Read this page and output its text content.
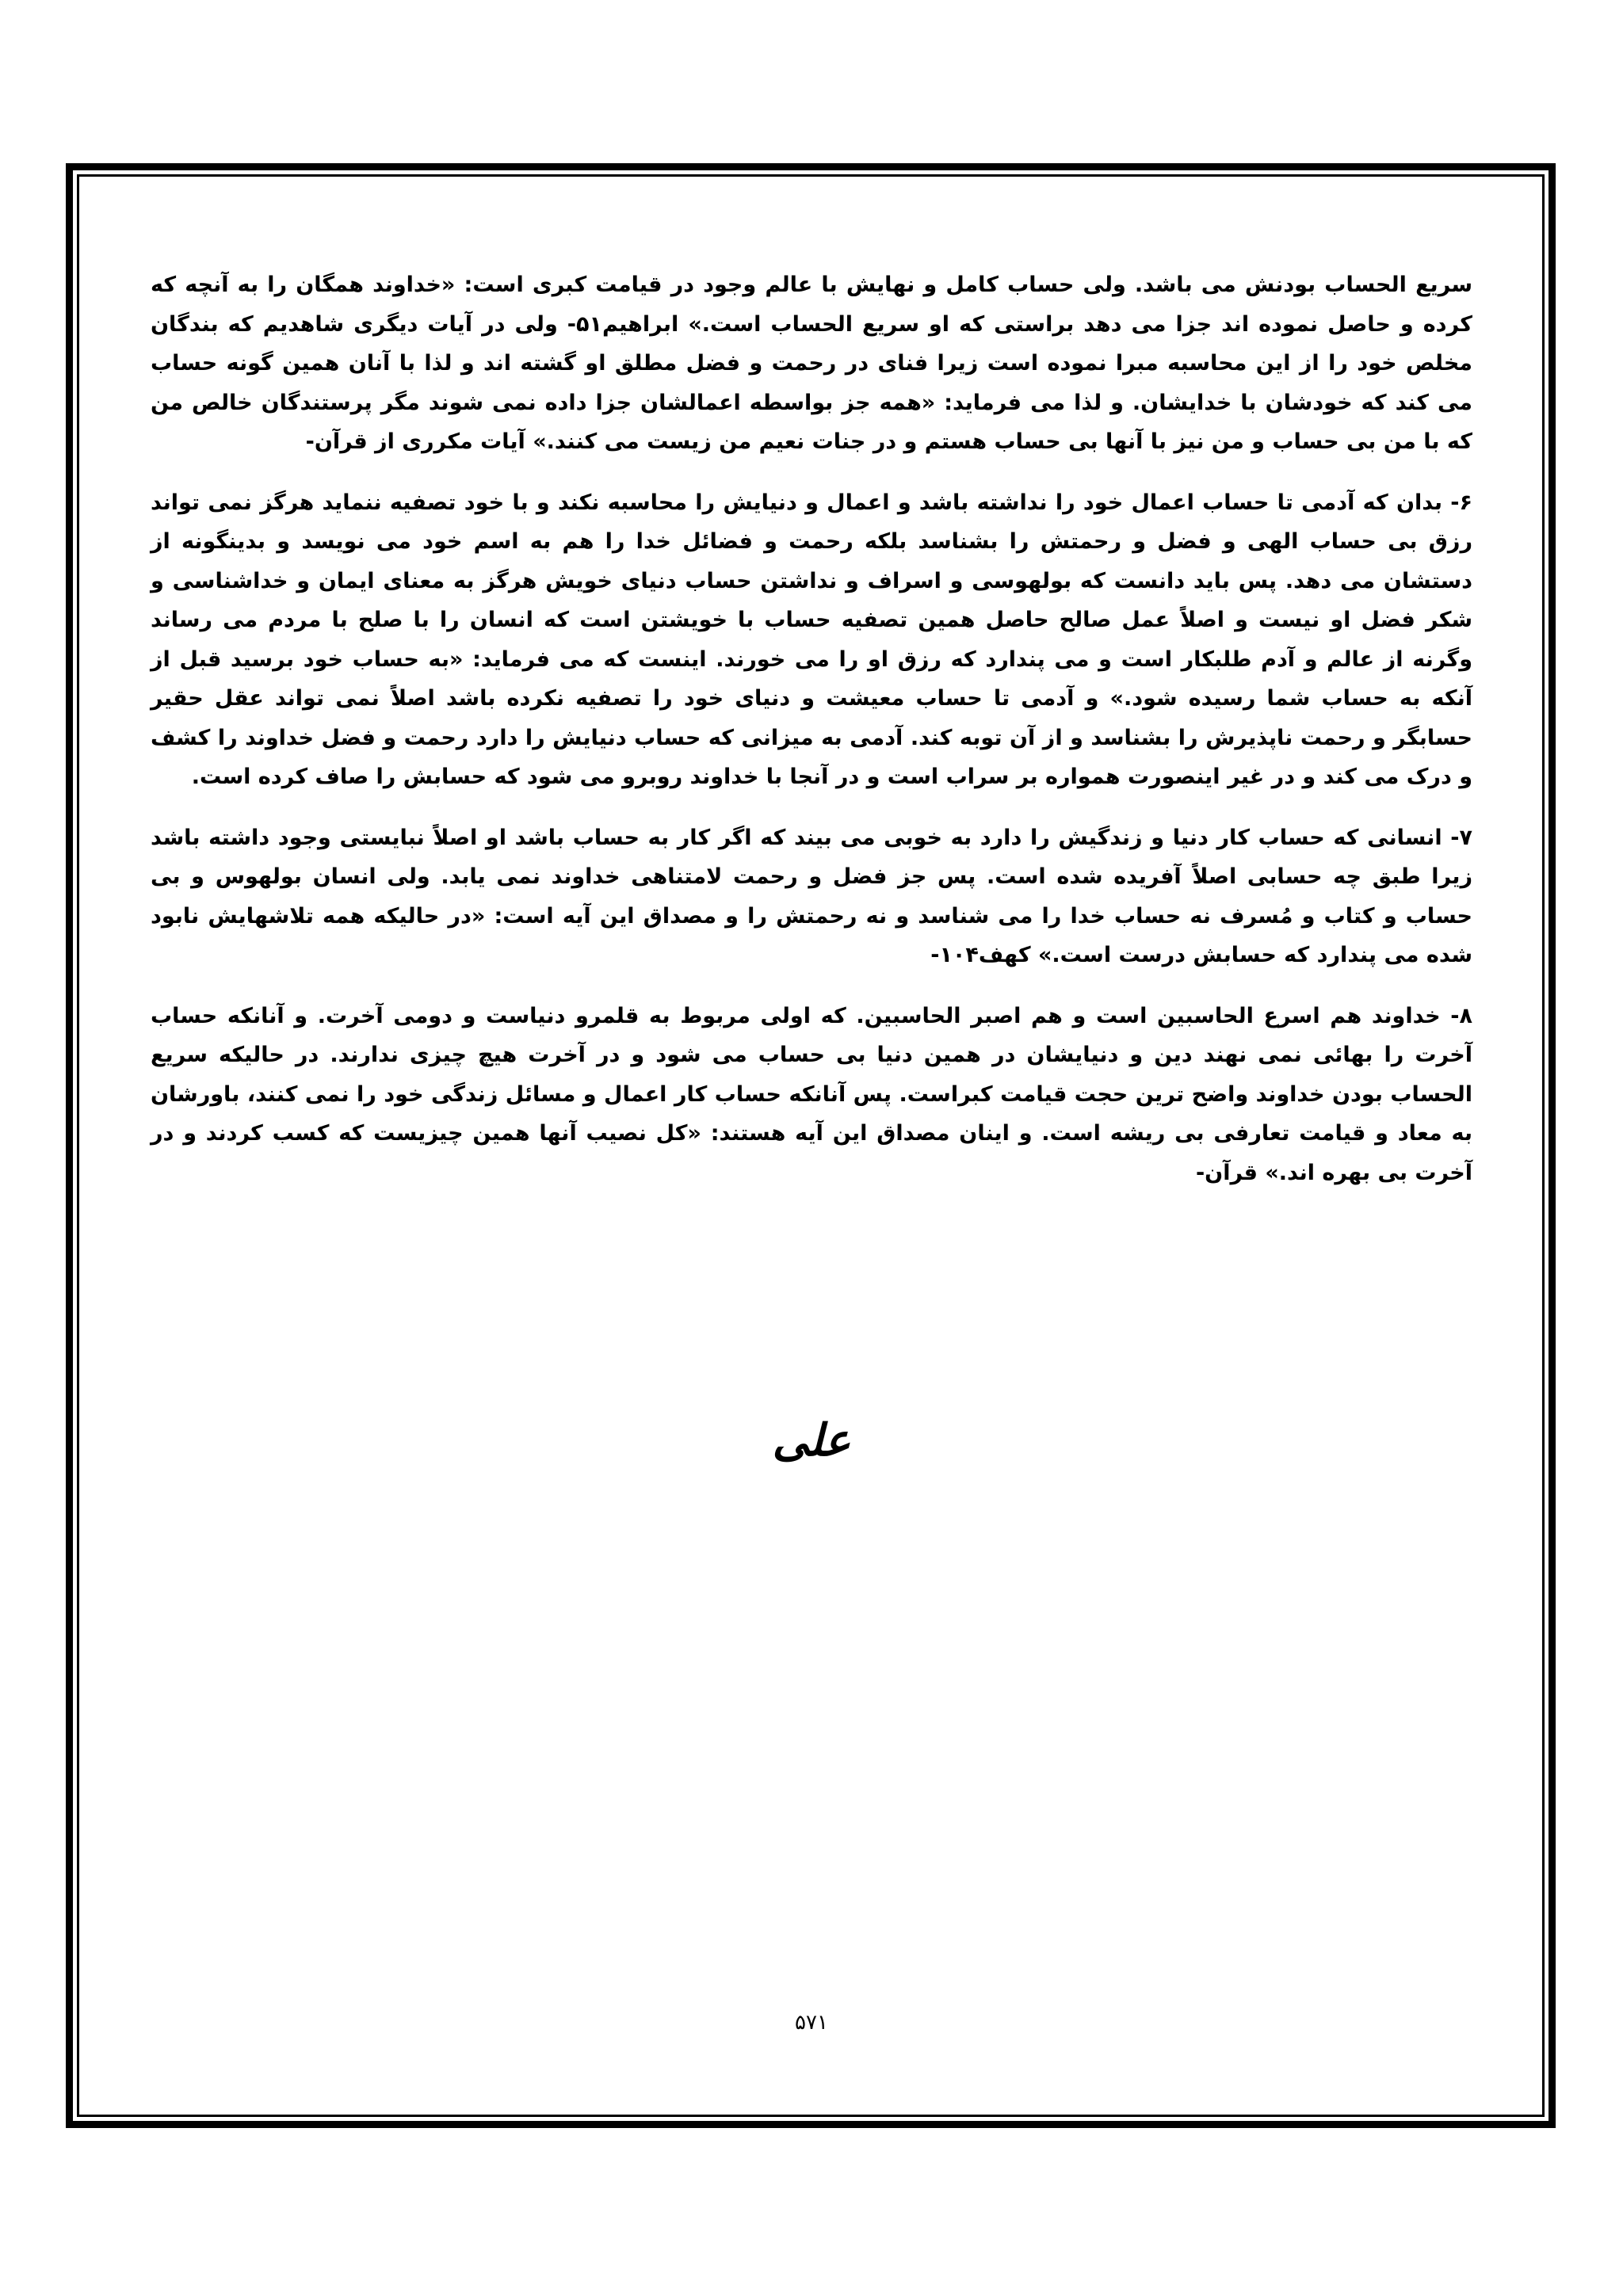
سریع الحساب بودنش می باشد. ولی حساب کامل و نهایش با عالم وجود در قیامت کبری است: «خداوند همگان را به آنچه که کرده و حاصل نموده اند جزا می دهد براستی که او سریع الحساب است.» ابراهیم۵۱- ولی در آیات دیگری شاهدیم که بندگان مخلص خود را از این محاسبه مبرا نموده است زیرا فنای در رحمت و فضل مطلق او گشته اند و لذا با آنان همین گونه حساب می کند که خودشان با خدایشان. و لذا می فرماید: «همه جز بواسطه اعمالشان جزا داده نمی شوند مگر پرستندگان خالص من که با من بی حساب و من نیز با آنها بی حساب هستم و در جنات نعیم من زیست می کنند.» آیات مکرری از قرآن-

۶- بدان که آدمی تا حساب اعمال خود را نداشته باشد و اعمال و دنیایش را محاسبه نکند و با خود تصفیه ننماید هرگز نمی تواند رزق بی حساب الهی و فضل و رحمتش را بشناسد بلکه رحمت و فضائل خدا را هم به اسم خود می نویسد و بدینگونه از دستشان می دهد. پس باید دانست که بولهوسی و اسراف و نداشتن حساب دنیای خویش هرگز به معنای ایمان و خداشناسی و شکر فضل او نیست و اصلاً عمل صالح حاصل همین تصفیه حساب با خویشتن است که انسان را با صلح با مردم می رساند وگرنه از عالم و آدم طلبکار است و می پندارد که رزق او را می خورند. اینست که می فرماید: «به حساب خود برسید قبل از آنکه به حساب شما رسیده شود.» و آدمی تا حساب معیشت و دنیای خود را تصفیه نکرده باشد اصلاً نمی تواند عقل حقیر حسابگر و رحمت ناپذیرش را بشناسد و از آن توبه کند. آدمی به میزانی که حساب دنیایش را دارد رحمت و فضل خداوند را کشف و درک می کند و در غیر اینصورت همواره بر سراب است و در آنجا با خداوند روبرو می شود که حسابش را صاف کرده است.

۷- انسانی که حساب کار دنیا و زندگیش را دارد به خوبی می بیند که اگر کار به حساب باشد او اصلاً نبایستی وجود داشته باشد زیرا طبق چه حسابی اصلاً آفریده شده است. پس جز فضل و رحمت لامتناهی خداوند نمی یابد. ولی انسان بولهوس و بی حساب و کتاب و مُسرف نه حساب خدا را می شناسد و نه رحمتش را و مصداق این آیه است: «در حالیکه همه تلاشهایش نابود شده می پندارد که حسابش درست است.» کهف۱۰۴-

۸- خداوند هم اسرع الحاسبین است و هم اصبر الحاسبین. که اولی مربوط به قلمرو دنیاست و دومی آخرت. و آنانکه حساب آخرت را بهائی نمی نهند دین و دنیایشان در همین دنیا بی حساب می شود و در آخرت هیچ چیزی ندارند. در حالیکه سریع الحساب بودن خداوند واضح ترین حجت قیامت کبراست. پس آنانکه حساب کار اعمال و مسائل زندگی خود را نمی کنند، باورشان به معاد و قیامت تعارفی بی ریشه است. و اینان مصداق این آیه هستند: «کل نصیب آنها همین چیزیست که کسب کردند و در آخرت بی بهره اند.» قرآن-

علی
۵۷۱
